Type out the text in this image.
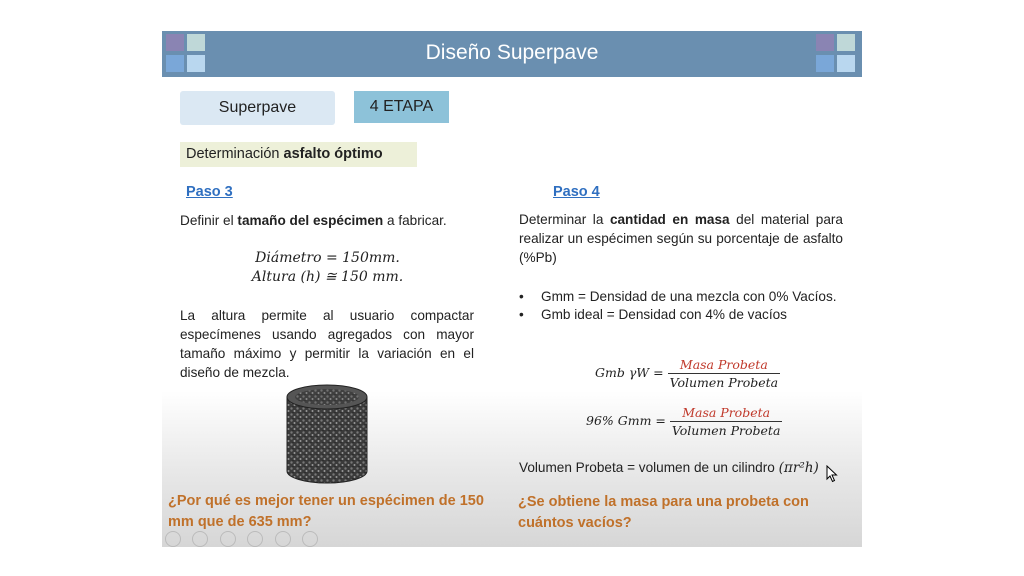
Diseño Superpave
Superpave	4 ETAPA
Determinación asfalto óptimo
Paso 3
Definir el tamaño del espécimen a fabricar.
Diámetro = 150mm.
Altura (h) ≅ 150 mm.
La altura permite al usuario compactar especímenes usando agregados con mayor tamaño máximo y permitir la variación en el diseño de mezcla.
¿Por qué es mejor tener un espécimen de 150 mm que de 635 mm?
Paso 4
Determinar la cantidad en masa del material para realizar un espécimen según su porcentaje de asfalto (%Pb)
• Gmm = Densidad de una mezcla con 0% Vacíos.
• Gmb ideal = Densidad con 4% de vacíos
Gmb $\gamma W = \frac{\text{Masa Probeta}}{\text{Volumen Probeta}}$
96% Gmm = $\frac{\text{Masa Probeta}}{\text{Volumen Probeta}}$
Volumen Probeta = volumen de un cilindro (πr²h)
¿Se obtiene la masa para una probeta con cuántos vacíos?
